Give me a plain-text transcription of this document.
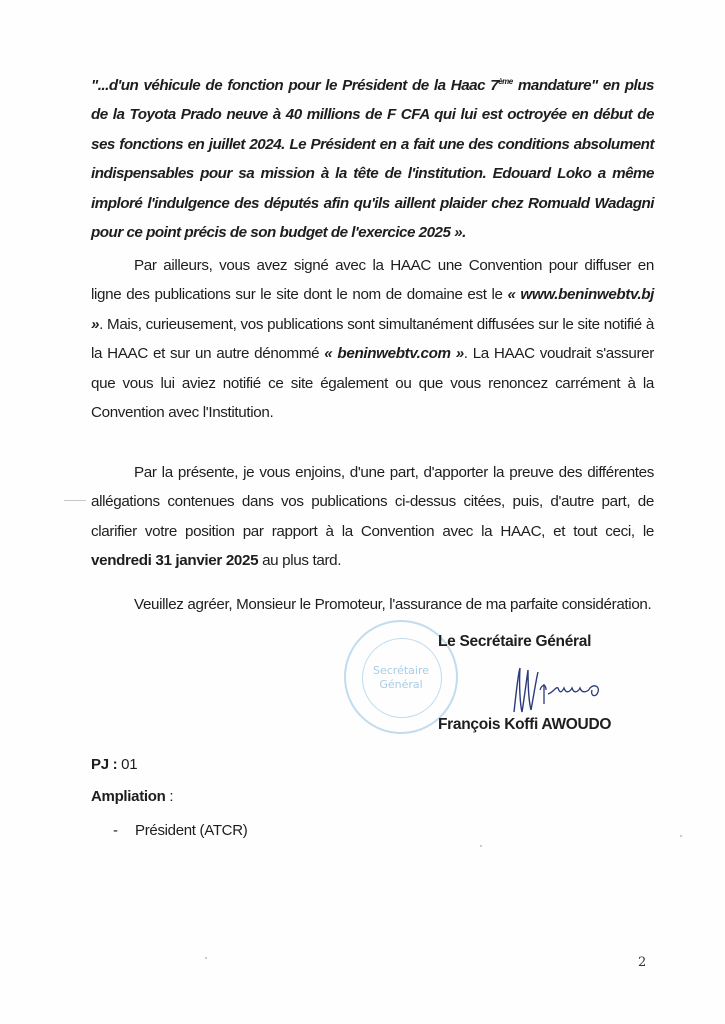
"...d'un véhicule de fonction pour le Président de la Haac 7ème mandature" en plus de la Toyota Prado neuve à 40 millions de F CFA qui lui est octroyée en début de ses fonctions en juillet 2024. Le Président en a fait une des conditions absolument indispensables pour sa mission à la tête de l'institution. Edouard Loko a même imploré l'indulgence des députés afin qu'ils aillent plaider chez Romuald Wadagni pour ce point précis de son budget de l'exercice 2025 ».

Par ailleurs, vous avez signé avec la HAAC une Convention pour diffuser en ligne des publications sur le site dont le nom de domaine est le « www.beninwebtv.bj ». Mais, curieusement, vos publications sont simultanément diffusées sur le site notifié à la HAAC et sur un autre dénommé « beninwebtv.com ». La HAAC voudrait s'assurer que vous lui aviez notifié ce site également ou que vous renoncez carrément à la Convention avec l'Institution.

Par la présente, je vous enjoins, d'une part, d'apporter la preuve des différentes allégations contenues dans vos publications ci-dessus citées, puis, d'autre part, de clarifier votre position par rapport à la Convention avec la HAAC, et tout ceci, le vendredi 31 janvier 2025 au plus tard.

Veuillez agréer, Monsieur le Promoteur, l'assurance de ma parfaite considération.

Secrétaire
Général
Le Secrétaire Général
François Koffi AWOUDO
PJ : 01
Ampliation :
- Président (ATCR)
2
